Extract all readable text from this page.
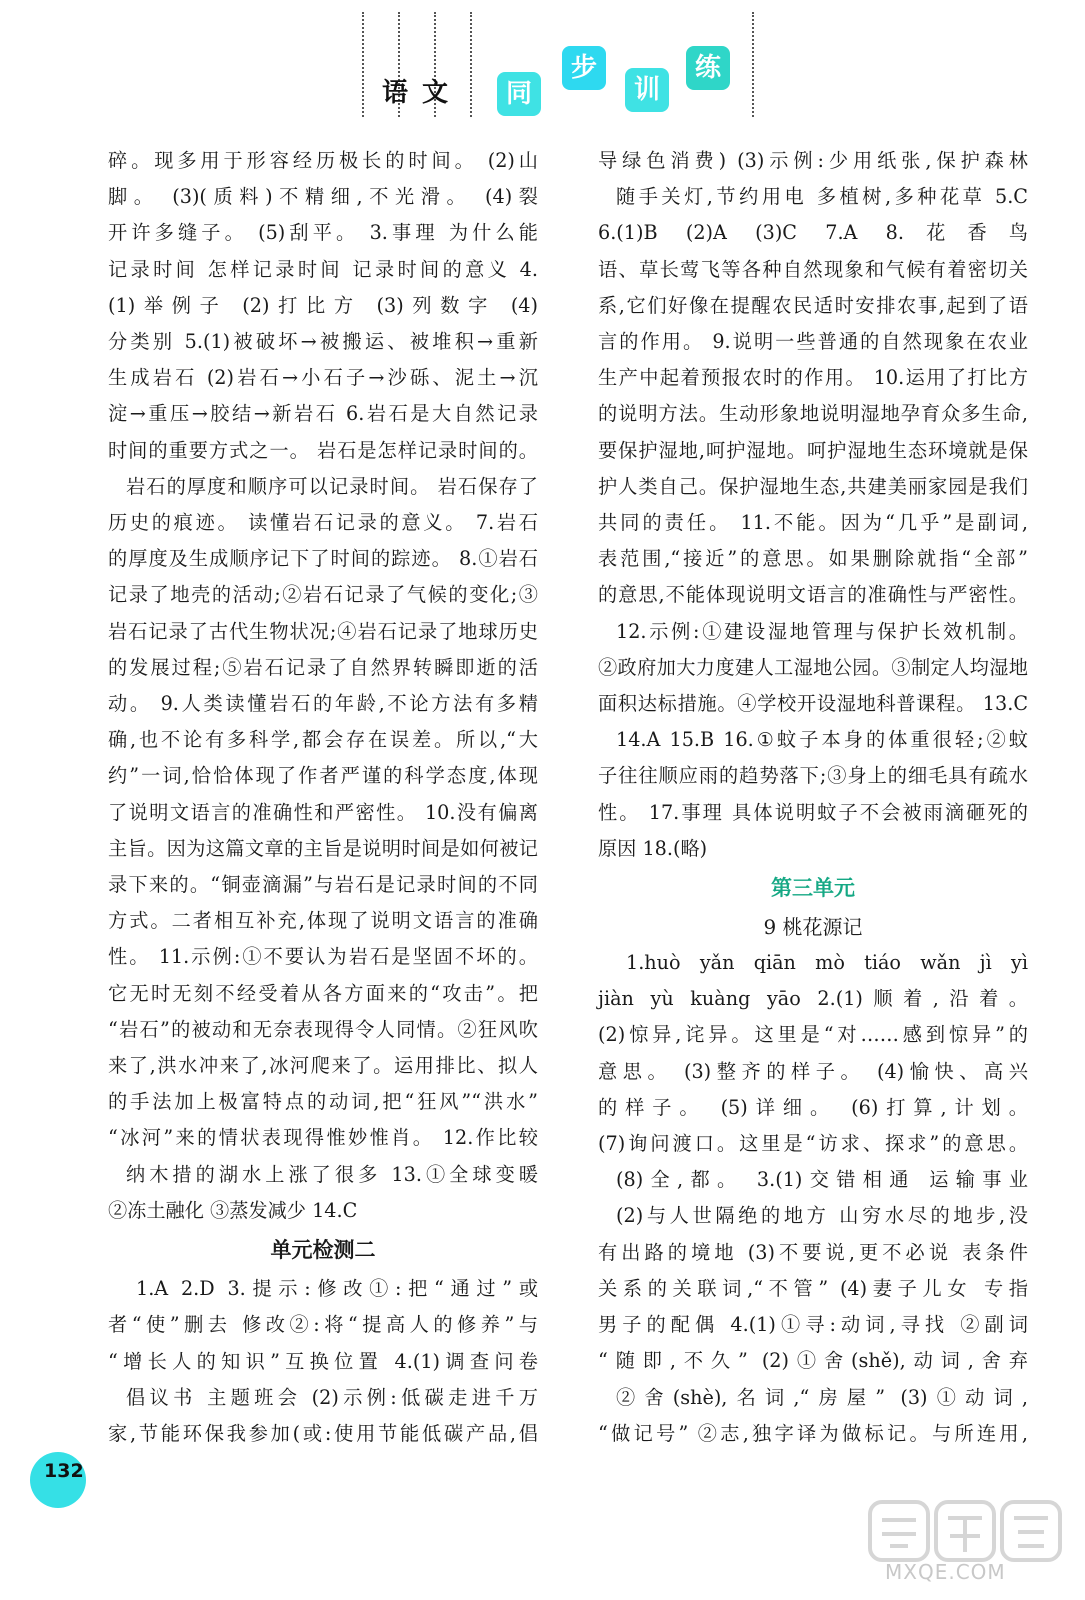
语文	同
步
训
练

碎。现多用于形容经历极长的时间。 (2)山

脚。 (3)(质料)不精细,不光滑。 (4)裂

开许多缝子。 (5)刮平。 3.事理 为什么能

记录时间 怎样记录时间 记录时间的意义 4.

(1)举例子 (2)打比方 (3)列数字 (4)

分类别 5.(1)被破坏→被搬运、被堆积→重新

生成岩石 (2)岩石→小石子→沙砾、泥土→沉

淀→重压→胶结→新岩石 6.岩石是大自然记录

时间的重要方式之一。 岩石是怎样记录时间的。

岩石的厚度和顺序可以记录时间。 岩石保存了

历史的痕迹。 读懂岩石记录的意义。 7.岩石

的厚度及生成顺序记下了时间的踪迹。 8.①岩石

记录了地壳的活动;②岩石记录了气候的变化;③

岩石记录了古代生物状况;④岩石记录了地球历史

的发展过程;⑤岩石记录了自然界转瞬即逝的活

动。 9.人类读懂岩石的年龄,不论方法有多精

确,也不论有多科学,都会存在误差。所以,“大

约”一词,恰恰体现了作者严谨的科学态度,体现

了说明文语言的准确性和严密性。 10.没有偏离

主旨。因为这篇文章的主旨是说明时间是如何被记

录下来的。“铜壶滴漏”与岩石是记录时间的不同

方式。二者相互补充,体现了说明文语言的准确

性。 11.示例:①不要认为岩石是坚固不坏的。

它无时无刻不经受着从各方面来的“攻击”。把

“岩石”的被动和无奈表现得令人同情。②狂风吹

来了,洪水冲来了,冰河爬来了。运用排比、拟人

的手法加上极富特点的动词,把“狂风”“洪水”

“冰河”来的情状表现得惟妙惟肖。 12.作比较

纳木措的湖水上涨了很多 13.①全球变暖

②冻土融化 ③蒸发减少 14.C

单元检测二

1.A 2.D 3.提示:修改①:把“通过”或

者“使”删去 修改②:将“提高人的修养”与

“增长人的知识”互换位置 4.(1)调查问卷

倡议书 主题班会 (2)示例:低碳走进千万

家,节能环保我参加(或:使用节能低碳产品,倡

导绿色消费) (3)示例:少用纸张,保护森林

随手关灯,节约用电 多植树,多种花草 5.C

6.(1)B (2)A (3)C 7.A 8.花香鸟

语、草长莺飞等各种自然现象和气候有着密切关

系,它们好像在提醒农民适时安排农事,起到了语

言的作用。 9.说明一些普通的自然现象在农业

生产中起着预报农时的作用。 10.运用了打比方

的说明方法。生动形象地说明湿地孕育众多生命,

要保护湿地,呵护湿地。呵护湿地生态环境就是保

护人类自己。保护湿地生态,共建美丽家园是我们

共同的责任。 11.不能。因为“几乎”是副词,

表范围,“接近”的意思。如果删除就指“全部”

的意思,不能体现说明文语言的准确性与严密性。

12.示例:①建设湿地管理与保护长效机制。

②政府加大力度建人工湿地公园。③制定人均湿地

面积达标措施。④学校开设湿地科普课程。 13.C

14.A 15.B 16.①蚊子本身的体重很轻;②蚊

子往往顺应雨的趋势落下;③身上的细毛具有疏水

性。 17.事理 具体说明蚊子不会被雨滴砸死的

原因 18.(略)

第三单元
9 桃花源记

1.huò yǎn qiān mò tiáo wǎn jì yì

jiàn yù kuàng yāo 2.(1)顺着,沿着。

(2)惊异,诧异。这里是“对……感到惊异”的

意思。 (3)整齐的样子。 (4)愉快、高兴

的样子。 (5)详细。 (6)打算,计划。

(7)询问渡口。这里是“访求、探求”的意思。

(8)全,都。 3.(1)交错相通 运输事业

(2)与人世隔绝的地方 山穷水尽的地步,没

有出路的境地 (3)不要说,更不必说 表条件

关系的关联词,“不管” (4)妻子儿女 专指

男子的配偶 4.(1)①寻:动词,寻找 ②副词

“随即,不久” (2)①舍(shě),动词,舍弃

②舍(shè),名词,“房屋” (3)①动词,

“做记号” ②志,独字译为做标记。与所连用,

132
MXQE.COM
